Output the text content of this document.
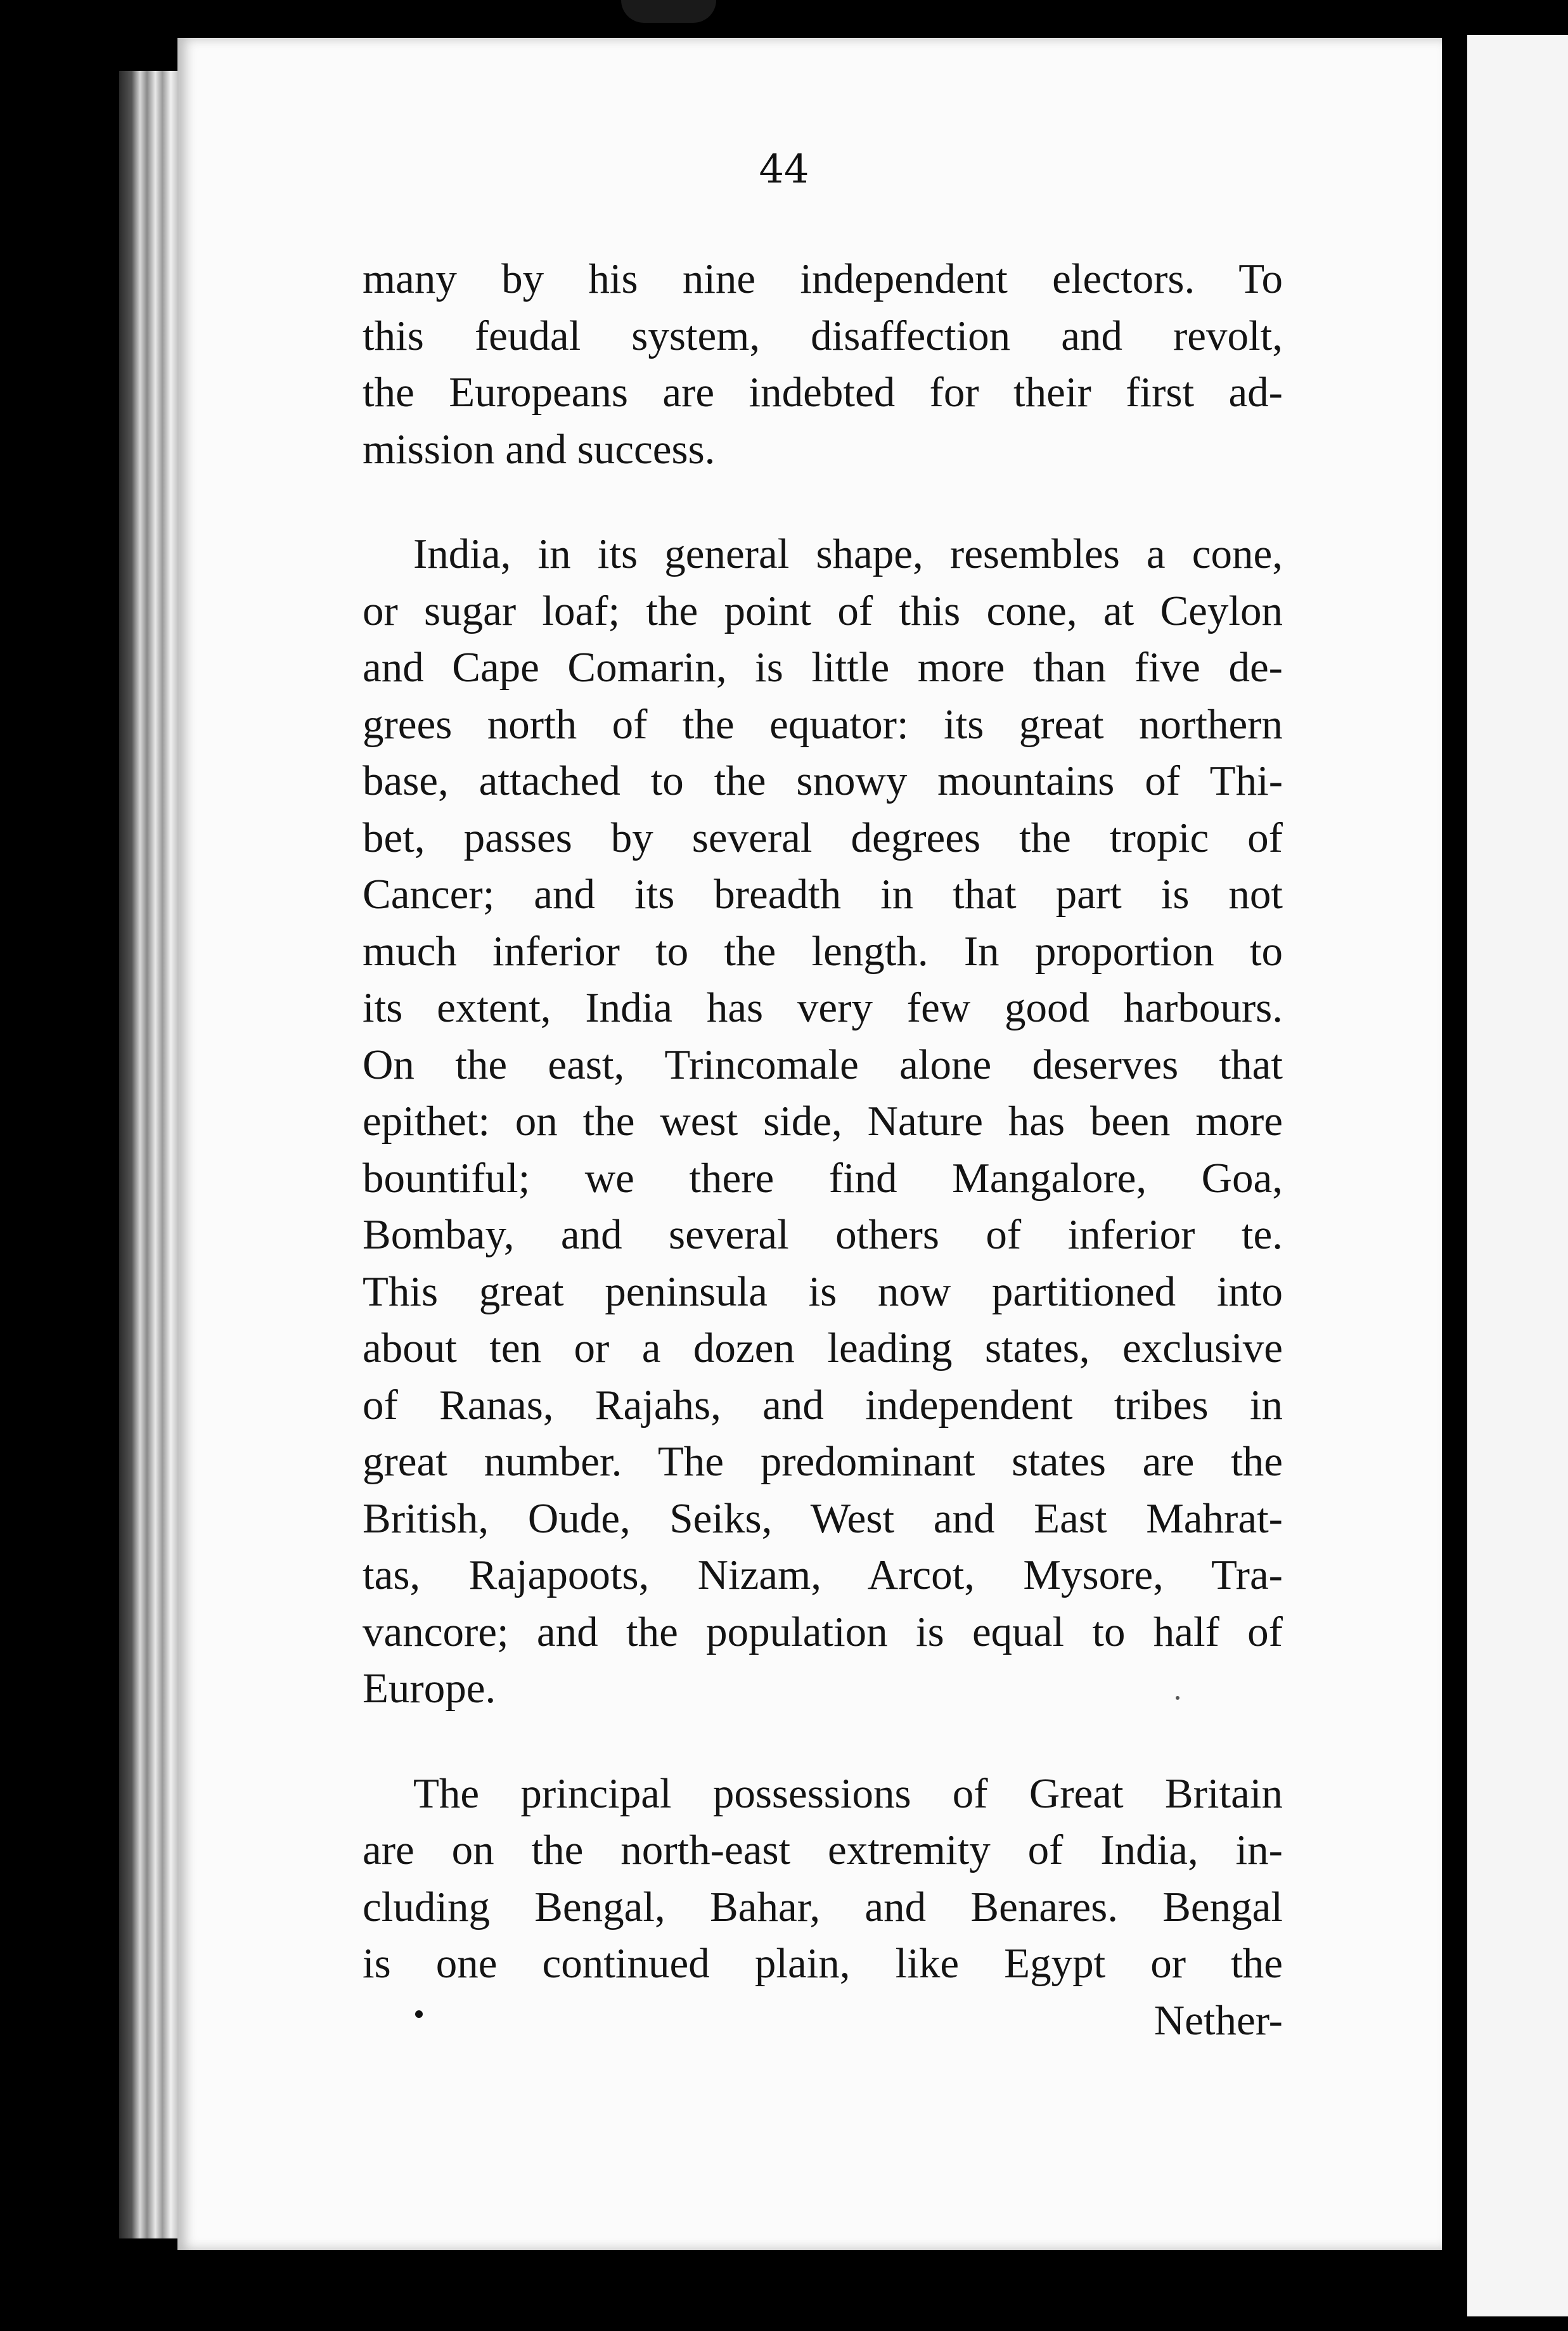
44
many by his nine independent electors. To
this feudal system, disaffection and revolt,
the Europeans are indebted for their first ad-
mission and success.
India, in its general shape, resembles a cone,
or sugar loaf; the point of this cone, at Ceylon
and Cape Comarin, is little more than five de-
grees north of the equator: its great northern
base, attached to the snowy mountains of Thi-
bet, passes by several degrees the tropic of
Cancer; and its breadth in that part is not
much inferior to the length. In proportion to
its extent, India has very few good harbours.
On the east, Trincomale alone deserves that
epithet: on the west side, Nature has been more
bountiful; we there find Mangalore, Goa,
Bombay, and several others of inferior te.
This great peninsula is now partitioned into
about ten or a dozen leading states, exclusive
of Ranas, Rajahs, and independent tribes in
great number. The predominant states are the
British, Oude, Seiks, West and East Mahrat-
tas, Rajapoots, Nizam, Arcot, Mysore, Tra-
vancore; and the population is equal to half of
Europe.
The principal possessions of Great Britain
are on the north-east extremity of India, in-
cluding Bengal, Bahar, and Benares. Bengal
is one continued plain, like Egypt or the
Nether-
